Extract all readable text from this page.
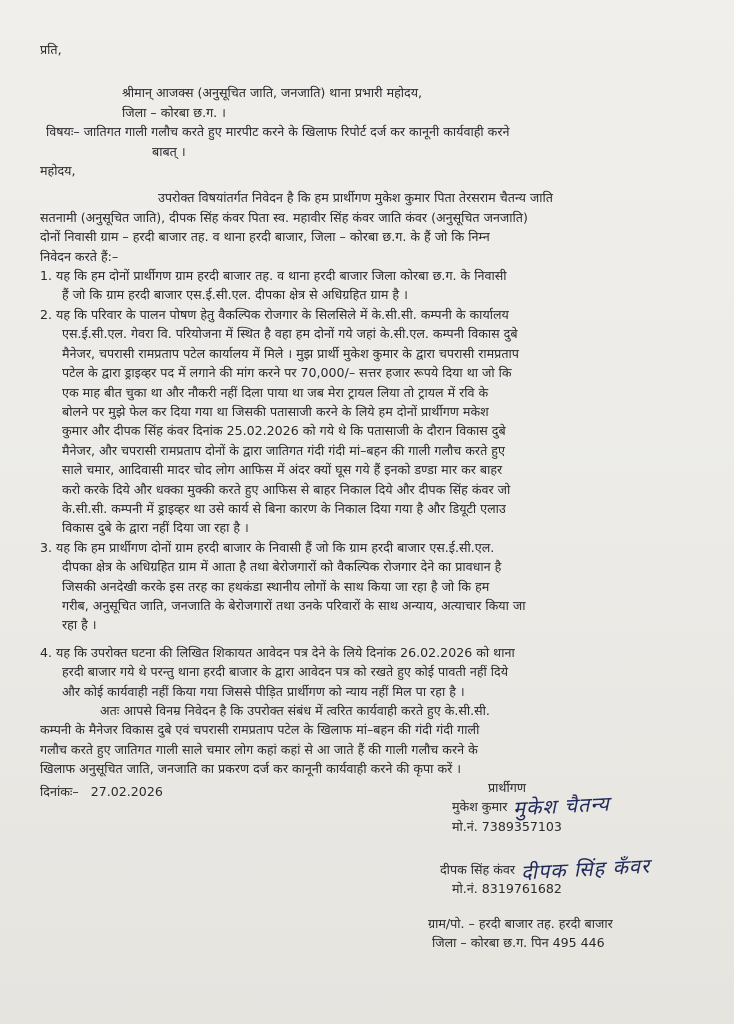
प्रति,
श्रीमान् आजक्स (अनुसूचित जाति, जनजाति) थाना प्रभारी महोदय,
जिला – कोरबा छ.ग. ।
विषयः– जातिगत गाली गलौच करते हुए मारपीट करने के खिलाफ रिपोर्ट दर्ज कर कानूनी कार्यवाही करने
बाबत् ।
महोदय,
उपरोक्त विषयांतर्गत निवेदन है कि हम प्रार्थीगण मुकेश कुमार पिता तेरसराम चैतन्य जाति
सतनामी (अनुसूचित जाति), दीपक सिंह कंवर पिता स्व. महावीर सिंह कंवर जाति कंवर (अनुसूचित जनजाति)
दोनों निवासी ग्राम – हरदी बाजार तह. व थाना हरदी बाजार, जिला – कोरबा छ.ग. के हैं जो कि निम्न
निवेदन करते हैं:–
1. यह कि हम दोनों प्रार्थीगण ग्राम हरदी बाजार तह. व थाना हरदी बाजार जिला कोरबा छ.ग. के निवासी
हैं जो कि ग्राम हरदी बाजार एस.ई.सी.एल. दीपका क्षेत्र से अधिग्रहित ग्राम है ।
2. यह कि परिवार के पालन पोषण हेतु वैकल्पिक रोजगार के सिलसिले में के.सी.सी. कम्पनी के कार्यालय
एस.ई.सी.एल. गेवरा वि. परियोजना में स्थित है वहा हम दोनों गये जहां के.सी.एल. कम्पनी विकास दुबे
मैनेजर, चपरासी रामप्रताप पटेल कार्यालय में मिले । मुझ प्रार्थी मुकेश कुमार के द्वारा चपरासी रामप्रताप
पटेल के द्वारा ड्राइव्हर पद में लगाने की मांग करने पर 70,000/– सत्तर हजार रूपये दिया था जो कि
एक माह बीत चुका था और नौकरी नहीं दिला पाया था जब मेरा ट्रायल लिया तो ट्रायल में रवि के
बोलने पर मुझे फेल कर दिया गया था जिसकी पतासाजी करने के लिये हम दोनों प्रार्थीगण मकेश
कुमार और दीपक सिंह कंवर दिनांक 25.02.2026 को गये थे कि पतासाजी के दौरान विकास दुबे
मैनेजर, और चपरासी रामप्रताप दोनों के द्वारा जातिगत गंदी गंदी मां–बहन की गाली गलौच करते हुए
साले चमार, आदिवासी मादर चोद लोग आफिस में अंदर क्यों घूस गये हैं इनको डण्डा मार कर बाहर
करो करके दिये और धक्का मुक्की करते हुए आफिस से बाहर निकाल दिये और दीपक सिंह कंवर जो
के.सी.सी. कम्पनी में ड्राइव्हर था उसे कार्य से बिना कारण के निकाल दिया गया है और डियूटी एलाउ
विकास दुबे के द्वारा नहीं दिया जा रहा है ।
3. यह कि हम प्रार्थीगण दोनों ग्राम हरदी बाजार के निवासी हैं जो कि ग्राम हरदी बाजार एस.ई.सी.एल.
दीपका क्षेत्र के अधिग्रहित ग्राम में आता है तथा बेरोजगारों को वैकल्पिक रोजगार देने का प्रावधान है
जिसकी अनदेखी करके इस तरह का हथकंडा स्थानीय लोगों के साथ किया जा रहा है जो कि हम
गरीब, अनुसूचित जाति, जनजाति के बेरोजगारों तथा उनके परिवारों के साथ अन्याय, अत्याचार किया जा
रहा है ।
4. यह कि उपरोक्त घटना की लिखित शिकायत आवेदन पत्र देने के लिये दिनांक 26.02.2026 को थाना
हरदी बाजार गये थे परन्तु थाना हरदी बाजार के द्वारा आवेदन पत्र को रखते हुए कोई पावती नहीं दिये
और कोई कार्यवाही नहीं किया गया जिससे पीड़ित प्रार्थीगण को न्याय नहीं मिल पा रहा है ।
अतः आपसे विनम्र निवेदन है कि उपरोक्त संबंध में त्वरित कार्यवाही करते हुए के.सी.सी.
कम्पनी के मैनेजर विकास दुबे एवं चपरासी रामप्रताप पटेल के खिलाफ मां–बहन की गंदी गंदी गाली
गलौच करते हुए जातिगत गाली साले चमार लोग कहां कहां से आ जाते हैं की गाली गलौच करने के
खिलाफ अनुसूचित जाति, जनजाति का प्रकरण दर्ज कर कानूनी कार्यवाही करने की कृपा करें ।
दिनांकः– 27.02.2026	प्रार्थीगण
मुकेश कुमार मुकेश चैतन्य
मो.नं. 7389357103
दीपक सिंह कंवर दीपक सिंह कँवर
मो.नं. 8319761682
ग्राम/पो. – हरदी बाजार तह. हरदी बाजार
जिला – कोरबा छ.ग. पिन 495 446
